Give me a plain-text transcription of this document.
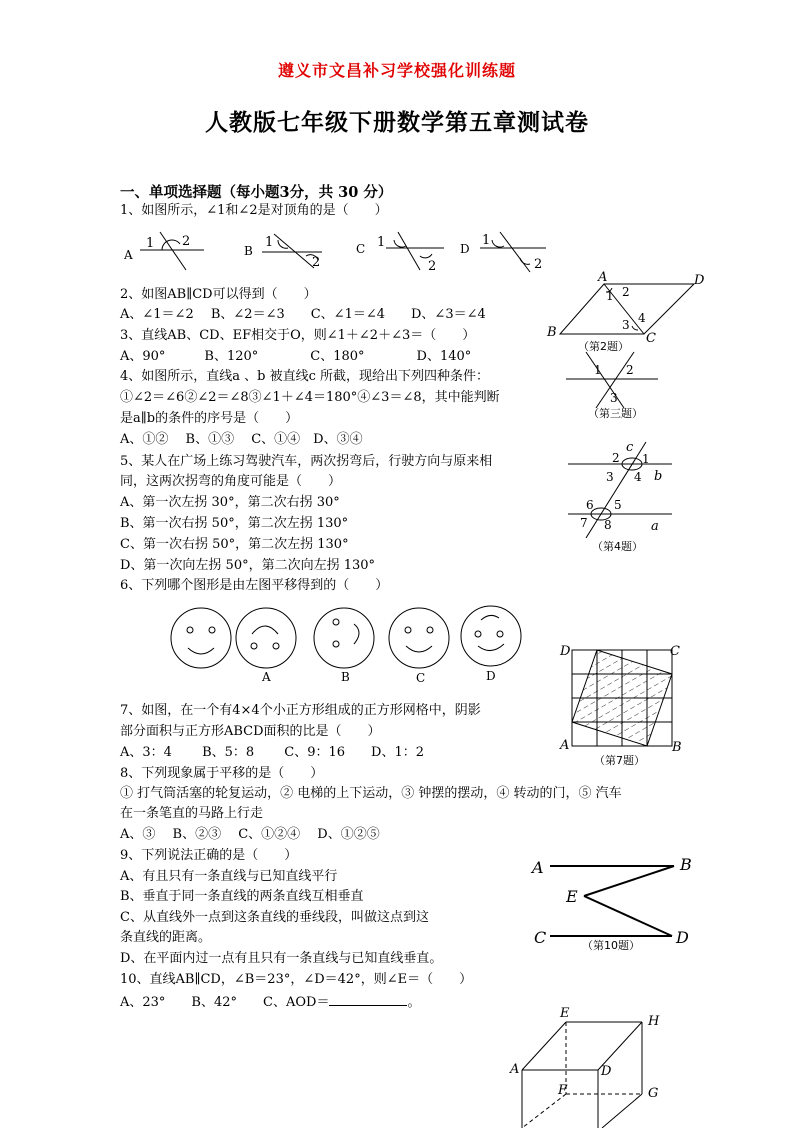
遵义市文昌补习学校强化训练题
人教版七年级下册数学第五章测试卷
一、单项选择题（每小题3分，共 30 分）
1、如图所示，∠1和∠2是对顶角的是（　　）
A
1 2
B
1
2
C 1
2
D
1
2
2、如图AB∥CD可以得到（　　）
A、∠1＝∠2　 B、∠2＝∠3　　C、∠1＝∠4　　D、∠3＝∠4
3、直线AB、CD、EF相交于O，则∠1＋∠2＋∠3＝（　　）
A、90°　　　B、120°　　　　C、180°　　　　D、140°
4、如图所示，直线a 、b 被直线c 所截，现给出下列四种条件：
①∠2＝∠6②∠2＝∠8③∠1＋∠4＝180°④∠3＝∠8，其中能判断
是a∥b的条件的序号是（　　）
A、①②　 B、①③　 C、①④　D、③④
5、某人在广场上练习驾驶汽车，两次拐弯后，行驶方向与原来相
同，这两次拐弯的角度可能是（　　）
A、第一次左拐 30°，第二次右拐 30°
B、第一次右拐 50°，第二次左拐 130°
C、第一次右拐 50°，第二次左拐 130°
D、第一次向左拐 50°，第二次向左拐 130°
6、下列哪个图形是由左图平移得到的（　　）
A	B	C	D
7、如图，在一个有4×4个小正方形组成的正方形网格中，阴影
部分面积与正方形ABCD面积的比是（　　）
A、3：4　　 B、5：8　　 C、9：16　　D、1：2
8、下列现象属于平移的是（　　）
① 打气筒活塞的轮复运动，② 电梯的上下运动，③ 钟摆的摆动，④ 转动的门，⑤ 汽车
在一条笔直的马路上行走
A、③　 B、②③　 C、①②④　 D、①②⑤
9、下列说法正确的是（　　）
A、有且只有一条直线与已知直线平行
B、垂直于同一条直线的两条直线互相垂直
C、从直线外一点到这条直线的垂线段，叫做这点到这
条直线的距离。
D、在平面内过一点有且只有一条直线与已知直线垂直。
10、直线AB∥CD，∠B＝23°，∠D＝42°，则∠E＝（　　）
A、23°　　B、42°　　C、AOD＝	。
A	D
B	C
1 2
3 4
（第2题）
1 2
3
（第三题）
c
2 1
3 4 b
6 5
7 8	a
（第4题）
D	C
A	B
（第7题）
A	B
E
C	D
（第10题）
E
H
A	D
F	G
